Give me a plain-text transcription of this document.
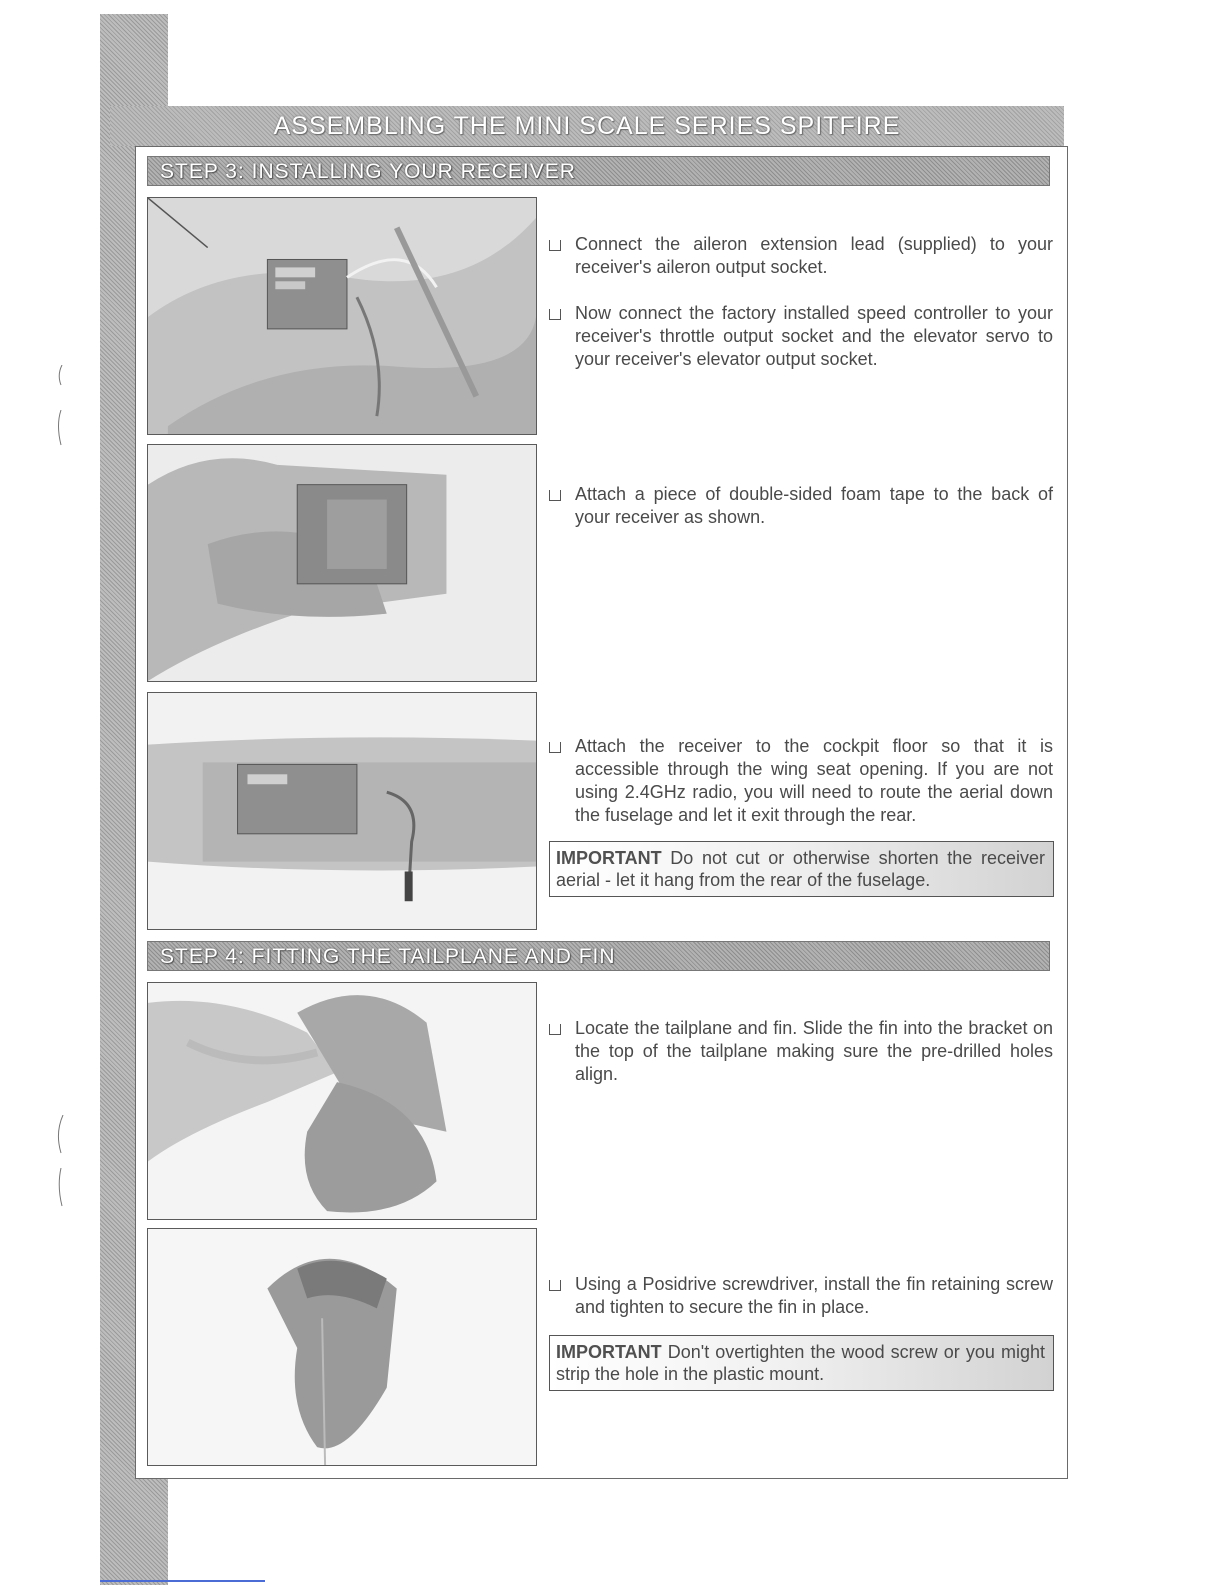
ASSEMBLING THE MINI SCALE SERIES SPITFIRE
STEP 3: INSTALLING YOUR RECEIVER
Connect the aileron extension lead (supplied) to your receiver's aileron output socket.
Now connect the factory installed speed controller to your receiver's throttle output socket and the elevator servo to your receiver's elevator output socket.
Attach a piece of double-sided foam tape to the back of your receiver as shown.
Attach the receiver to the cockpit floor so that it is accessible through the wing seat opening. If you are not using 2.4GHz radio, you will need to route the aerial down the fuselage and let it exit through the rear.
IMPORTANT Do not cut or otherwise shorten the receiver aerial - let it hang from the rear of the fuselage.
STEP 4: FITTING THE TAILPLANE AND FIN
Locate the tailplane and fin. Slide the fin into the bracket on the top of the tailplane making sure the pre-drilled holes align.
Using a Posidrive screwdriver, install the fin retaining screw and tighten to secure the fin in place.
IMPORTANT Don't overtighten the wood screw or you might strip the hole in the plastic mount.
